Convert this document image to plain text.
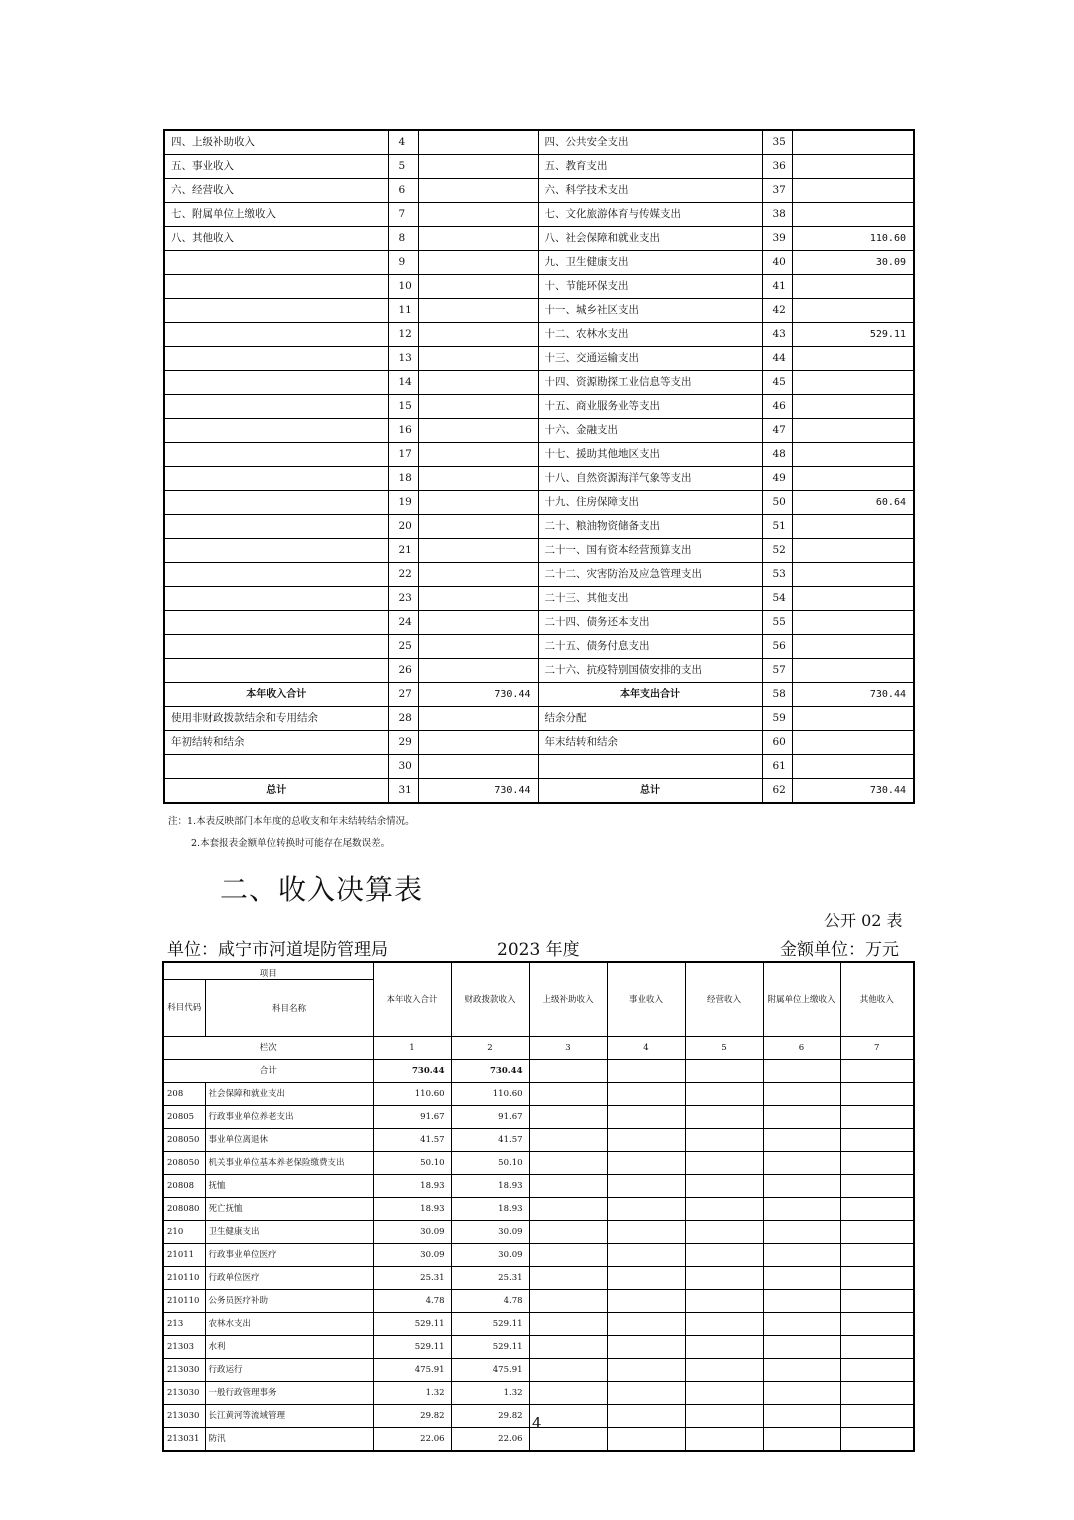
四、上级补助收入	4		四、公共安全支出	35	
五、事业收入	5		五、教育支出	36	
六、经营收入	6		六、科学技术支出	37	
七、附属单位上缴收入	7		七、文化旅游体育与传媒支出	38	
八、其他收入	8		八、社会保障和就业支出	39	110.60
	9		九、卫生健康支出	40	30.09
	10		十、节能环保支出	41	
	11		十一、城乡社区支出	42	
	12		十二、农林水支出	43	529.11
	13		十三、交通运输支出	44	
	14		十四、资源勘探工业信息等支出	45	
	15		十五、商业服务业等支出	46	
	16		十六、金融支出	47	
	17		十七、援助其他地区支出	48	
	18		十八、自然资源海洋气象等支出	49	
	19		十九、住房保障支出	50	60.64
	20		二十、粮油物资储备支出	51	
	21		二十一、国有资本经营预算支出	52	
	22		二十二、灾害防治及应急管理支出	53	
	23		二十三、其他支出	54	
	24		二十四、债务还本支出	55	
	25		二十五、债务付息支出	56	
	26		二十六、抗疫特别国债安排的支出	57	
本年收入合计	27	730.44	本年支出合计	58	730.44
使用非财政拨款结余和专用结余	28		结余分配	59	
年初结转和结余	29		年末结转和结余	60	
	30			61	
总计	31	730.44	总计	62	730.44
注：1.本表反映部门本年度的总收支和年末结转结余情况。
2.本套报表金额单位转换时可能存在尾数误差。
二、收入决算表
公开 02 表
单位：咸宁市河道堤防管理局	2023 年度	金额单位：万元
项目		本年收入合计	财政拨款收入	上级补助收入	事业收入	经营收入	附属单位上缴收入	其他收入
科目代码	科目名称							
栏次		1	2	3	4	5	6	7
合计		730.44	730.44					
208	社会保障和就业支出	110.60	110.60					
20805	行政事业单位养老支出	91.67	91.67					
208050	事业单位离退休	41.57	41.57					
208050	机关事业单位基本养老保险缴费支出	50.10	50.10					
20808	抚恤	18.93	18.93					
208080	死亡抚恤	18.93	18.93					
210	卫生健康支出	30.09	30.09					
21011	行政事业单位医疗	30.09	30.09					
210110	行政单位医疗	25.31	25.31					
210110	公务员医疗补助	4.78	4.78					
213	农林水支出	529.11	529.11					
21303	水利	529.11	529.11					
213030	行政运行	475.91	475.91					
213030	一般行政管理事务	1.32	1.32					
213030	长江黄河等流域管理	29.82	29.82					
213031	防汛	22.06	22.06					
4
